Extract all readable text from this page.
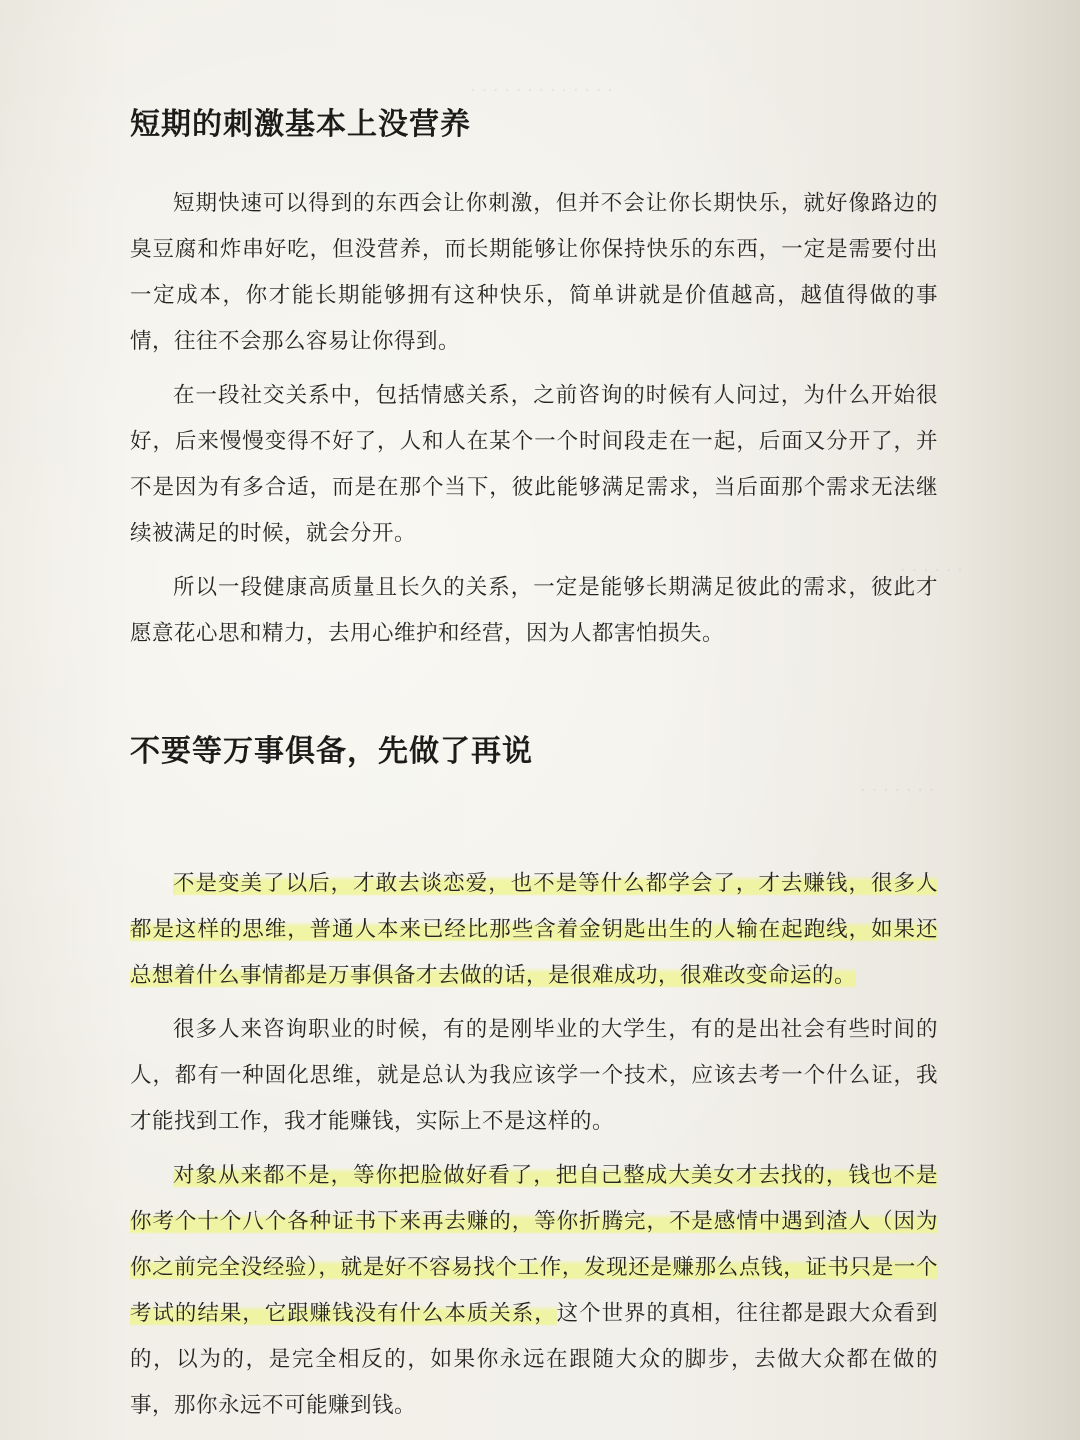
· · · · · · · · · · · · ·
· · · · · ·
· · · · · · ·
短期的刺激基本上没营养

短期快速可以得到的东西会让你刺激，但并不会让你长期快乐，就好像路边的臭豆腐和炸串好吃，但没营养，而长期能够让你保持快乐的东西，一定是需要付出一定成本，你才能长期能够拥有这种快乐，简单讲就是价值越高，越值得做的事情，往往不会那么容易让你得到。

在一段社交关系中，包括情感关系，之前咨询的时候有人问过，为什么开始很好，后来慢慢变得不好了，人和人在某个一个时间段走在一起，后面又分开了，并不是因为有多合适，而是在那个当下，彼此能够满足需求，当后面那个需求无法继续被满足的时候，就会分开。

所以一段健康高质量且长久的关系，一定是能够长期满足彼此的需求，彼此才愿意花心思和精力，去用心维护和经营，因为人都害怕损失。

不要等万事俱备，先做了再说

不是变美了以后，才敢去谈恋爱，也不是等什么都学会了，才去赚钱，很多人都是这样的思维，普通人本来已经比那些含着金钥匙出生的人输在起跑线，如果还总想着什么事情都是万事俱备才去做的话，是很难成功，很难改变命运的。

很多人来咨询职业的时候，有的是刚毕业的大学生，有的是出社会有些时间的人，都有一种固化思维，就是总认为我应该学一个技术，应该去考一个什么证，我才能找到工作，我才能赚钱，实际上不是这样的。

对象从来都不是，等你把脸做好看了，把自己整成大美女才去找的，钱也不是你考个十个八个各种证书下来再去赚的，等你折腾完，不是感情中遇到渣人（因为你之前完全没经验），就是好不容易找个工作，发现还是赚那么点钱，证书只是一个考试的结果，它跟赚钱没有什么本质关系，这个世界的真相，往往都是跟大众看到的，以为的，是完全相反的，如果你永远在跟随大众的脚步，去做大众都在做的事，那你永远不可能赚到钱。
